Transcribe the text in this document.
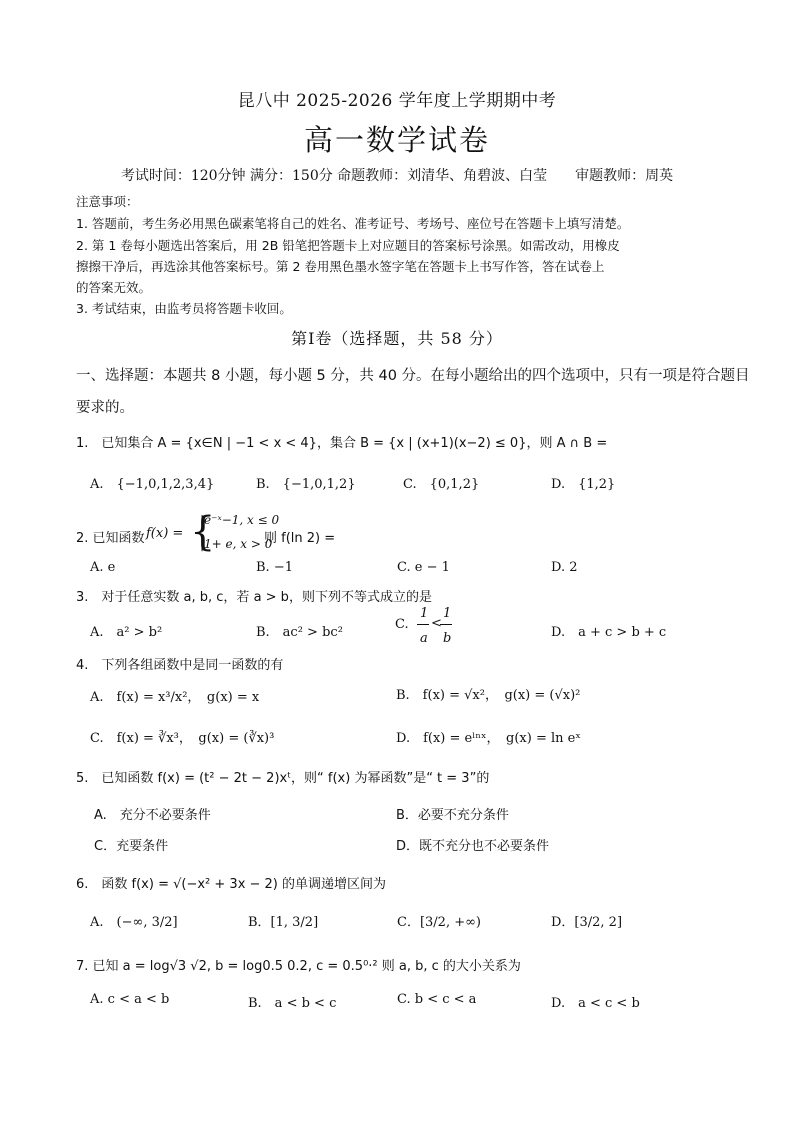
昆八中 2025-2026 学年度上学期期中考
高一数学试卷
考试时间：120分钟 满分：150分 命题教师：刘清华、角碧波、白莹　　审题教师：周英
注意事项：
1. 答题前，考生务必用黑色碳素笔将自己的姓名、准考证号、考场号、座位号在答题卡上填写清楚。
2. 第 1 卷每小题选出答案后，用 2B 铅笔把答题卡上对应题目的答案标号涂黑。如需改动，用橡皮
擦擦干净后，再选涂其他答案标号。第 2 卷用黑色墨水签字笔在答题卡上书写作答，答在试卷上
的答案无效。
3. 考试结束，由监考员将答题卡收回。
第Ⅰ卷（选择题，共 58 分）
一、选择题：本题共 8 小题，每小题 5 分，共 40 分。在每小题给出的四个选项中，只有一项是符合题目
要求的。
1.　已知集合 A = {x∈N | −1 < x < 4}，集合 B = {x | (x+1)(x−2) ≤ 0}，则 A ∩ B =
A.　{−1,0,1,2,3,4}	B.　{−1,0,1,2}	C.　{0,1,2}	D.　{1,2}
2. 已知函数 f(x) = {
|e⁻ˣ−1, x ≤ 0
|1+ e, x > 0
则 f(ln 2) =
A. e	B. −1	C. e − 1	D. 2
3.　对于任意实数 a, b, c，若 a > b，则下列不等式成立的是
A.　a² > b²	B.　ac² > bc²
C.
1
a
<
1
b	D.　a + c > b + c
4.　下列各组函数中是同一函数的有
A.　f(x) = x³/x²，　g(x) = x	B.　f(x) = √x²，　g(x) = (√x)²
C.　f(x) = ∛x³，　g(x) = (∛x)³	D.　f(x) = eˡⁿˣ，　g(x) = ln eˣ
5.　已知函数 f(x) = (t² − 2t − 2)xᵗ，则“ f(x) 为幂函数”是“ t = 3”的
A.　充分不必要条件	B．必要不充分条件
C．充要条件	D．既不充分也不必要条件
6.　函数 f(x) = √(−x² + 3x − 2) 的单调递增区间为
A.　(−∞, 3/2]	B．[1, 3/2]	C．[3/2, +∞)	D．[3/2, 2]
7. 已知 a = log√3 √2, b = log0.5 0.2, c = 0.5⁰·² 则 a, b, c 的大小关系为
A. c < a < b	B.　a < b < c	C. b < c < a	D.　a < c < b
